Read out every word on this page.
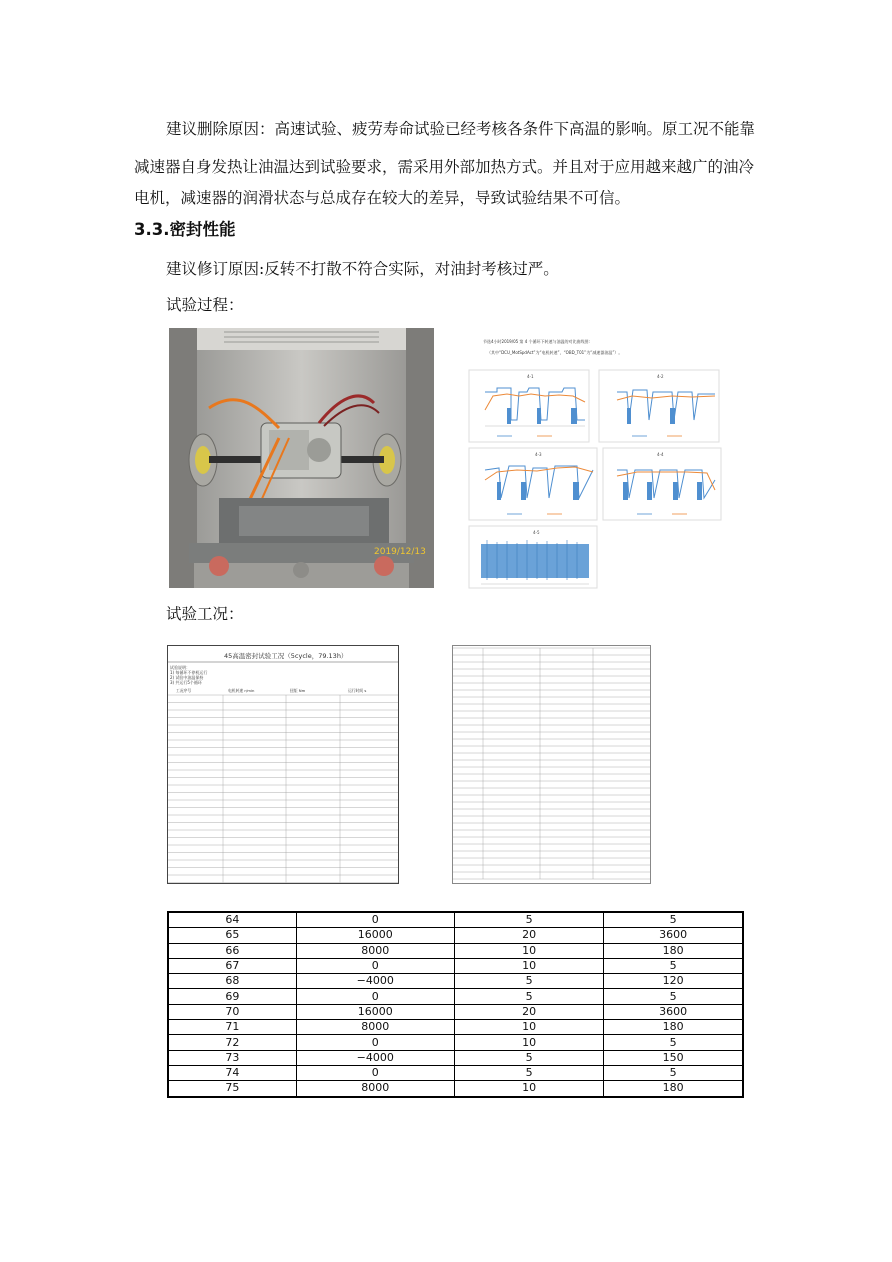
建议删除原因：高速试验、疲劳寿命试验已经考核各条件下高温的影响。原工况不能靠

减速器自身发热让油温达到试验要求，需采用外部加热方式。并且对于应用越来越广的油冷

电机，减速器的润滑状态与总成存在较大的差异，导致试验结果不可信。

3.3.密封性能

建议修订原因:反转不打散不符合实际，对油封考核过严。

试验过程：

2019/12/13
节选4小时2019/05 第 4 个循环下转速与油温的对比曲线图:
（其中“DCU_MotSpdAct”为“电机转速”，“OBD_T01”为“减速器油温”）。
4-1	4-2
4-3	4-4
4-5

试验工况：

45高温密封试验工况（5cycle，79.13h）
试验说明：
1) 每循环不停机运行
2) 试验中油温保持
3) 共运行5个循环
工况序号	电机转速 r/min	扭矩 Nm	运行时间 s
64	0	5	5
65	16000	20	3600
66	8000	10	180
67	0	10	5
68	−4000	5	120
69	0	5	5
70	16000	20	3600
71	8000	10	180
72	0	10	5
73	−4000	5	150
74	0	5	5
75	8000	10	180
